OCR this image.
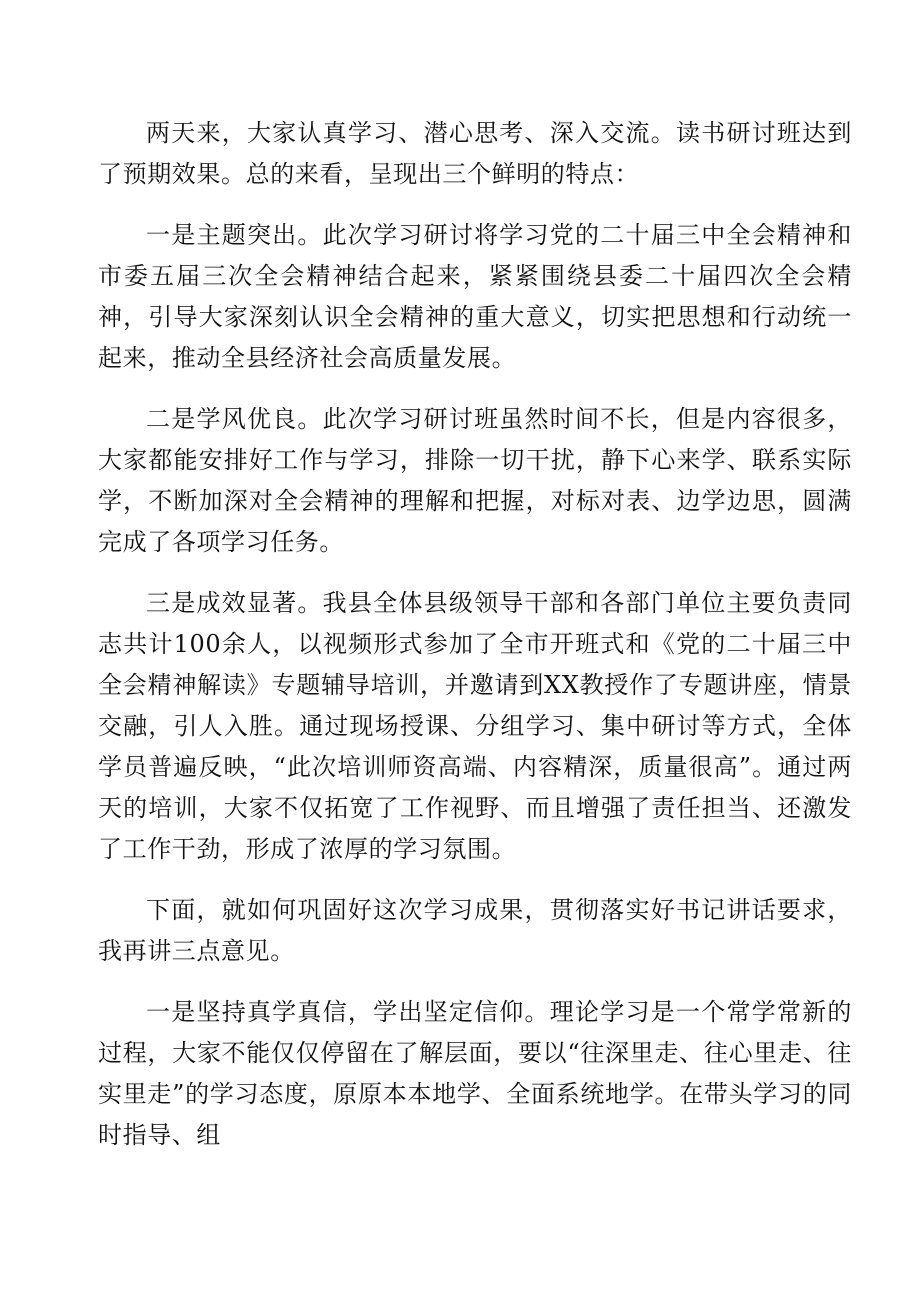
两天来，大家认真学习、潜心思考、深入交流。读书研讨班达到了预期效果。总的来看，呈现出三个鲜明的特点：

一是主题突出。此次学习研讨将学习党的二十届三中全会精神和市委五届三次全会精神结合起来，紧紧围绕县委二十届四次全会精神，引导大家深刻认识全会精神的重大意义，切实把思想和行动统一起来，推动全县经济社会高质量发展。

二是学风优良。此次学习研讨班虽然时间不长，但是内容很多，大家都能安排好工作与学习，排除一切干扰，静下心来学、联系实际学，不断加深对全会精神的理解和把握，对标对表、边学边思，圆满完成了各项学习任务。

三是成效显著。我县全体县级领导干部和各部门单位主要负责同志共计100余人，以视频形式参加了全市开班式和《党的二十届三中全会精神解读》专题辅导培训，并邀请到XX教授作了专题讲座，情景交融，引人入胜。通过现场授课、分组学习、集中研讨等方式，全体学员普遍反映，“此次培训师资高端、内容精深，质量很高”。通过两天的培训，大家不仅拓宽了工作视野、而且增强了责任担当、还激发了工作干劲，形成了浓厚的学习氛围。

下面，就如何巩固好这次学习成果，贯彻落实好书记讲话要求，我再讲三点意见。

一是坚持真学真信，学出坚定信仰。理论学习是一个常学常新的过程，大家不能仅仅停留在了解层面，要以“往深里走、往心里走、往实里走”的学习态度，原原本本地学、全面系统地学。在带头学习的同时指导、组
